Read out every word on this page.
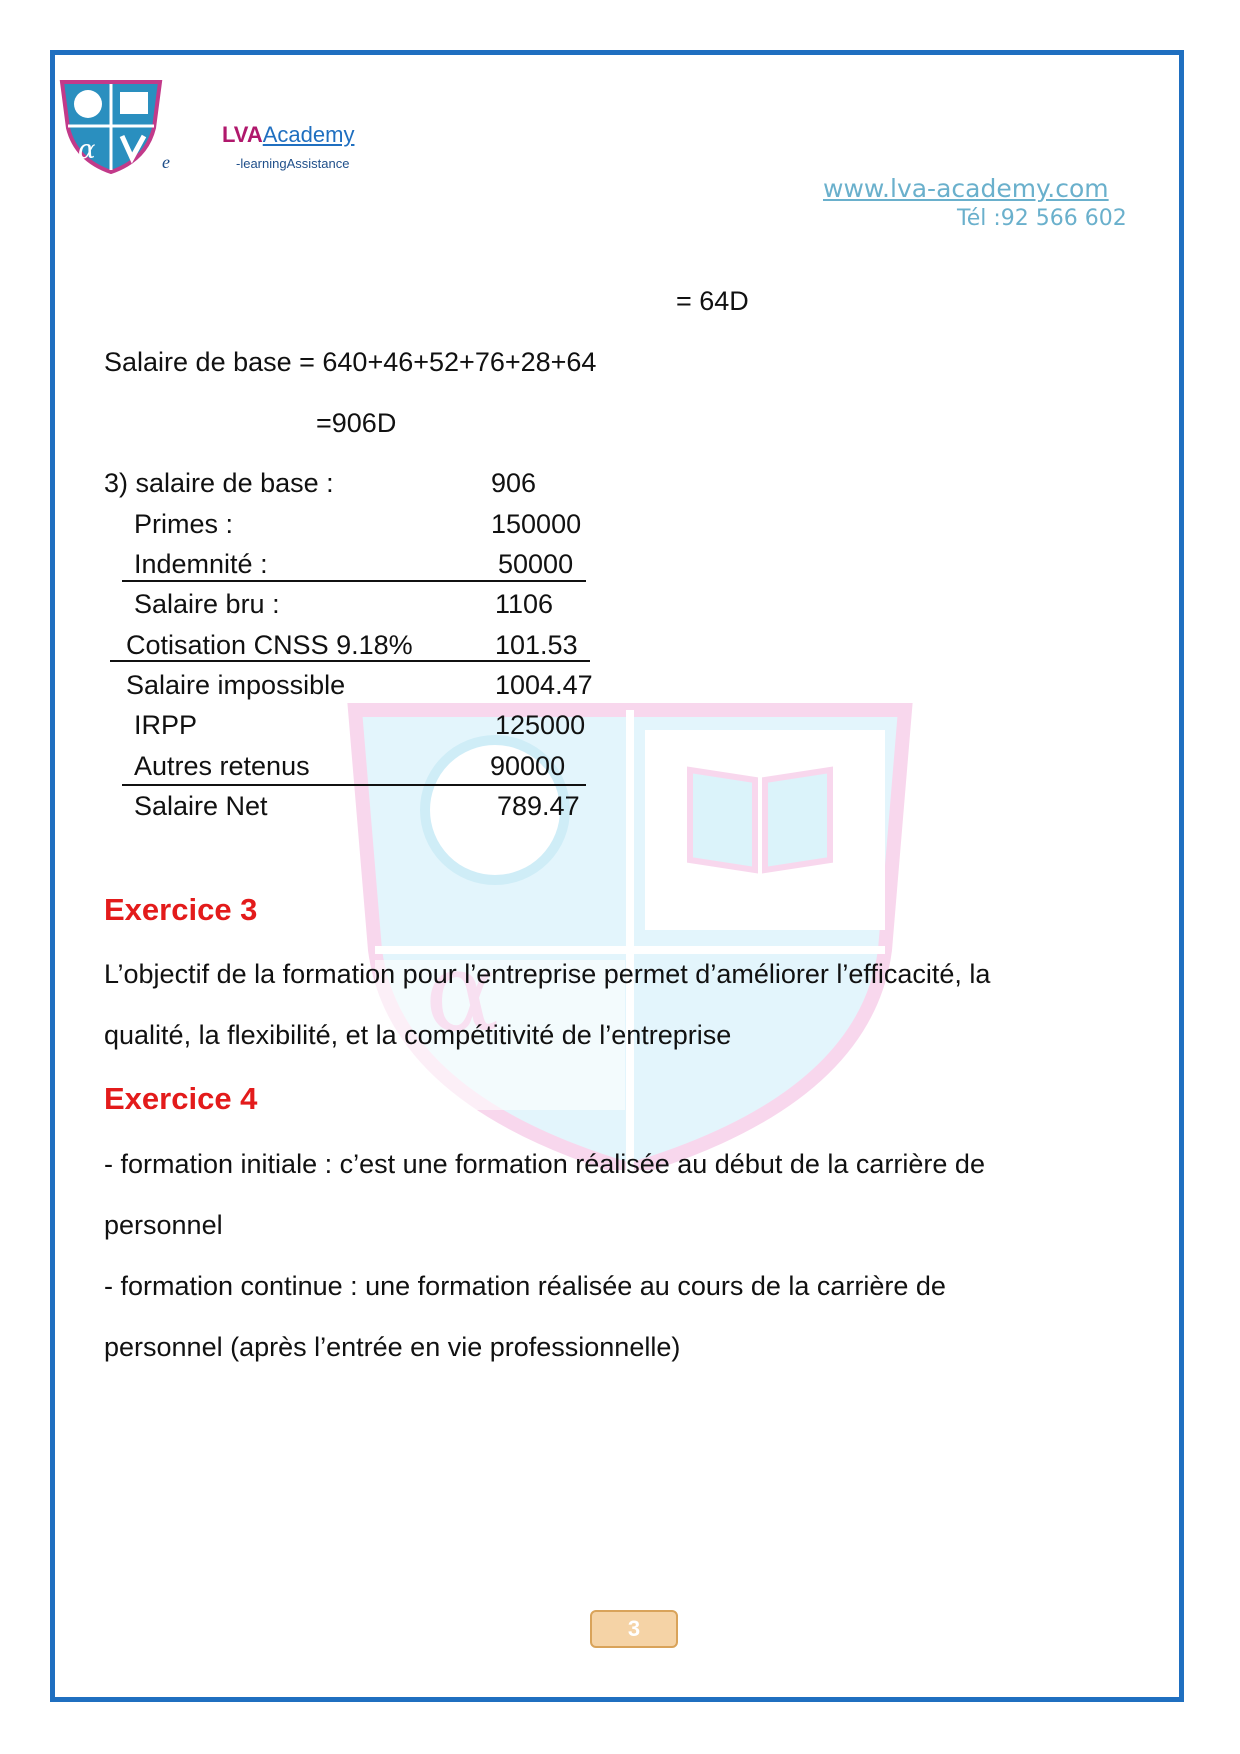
α
α
LVAAcademy
-learningAssistance
e
www.lva-academy.com
Tél :92 566 602
= 64D
Salaire de base = 640+46+52+76+28+64
=906D
3) salaire de base :	906
Primes :	150000
Indemnité :	50000
Salaire bru :	1106
Cotisation CNSS 9.18%	101.53
Salaire impossible	1004.47
IRPP	125000
Autres retenus	90000
Salaire Net	789.47
Exercice 3
L’objectif de la formation pour l’entreprise permet d’améliorer l’efficacité, la
qualité, la flexibilité, et la compétitivité de l’entreprise
Exercice 4
- formation initiale : c’est une formation réalisée au début de la carrière de
personnel
- formation continue : une formation réalisée au cours de la carrière de
personnel (après l’entrée en vie professionnelle)
3
